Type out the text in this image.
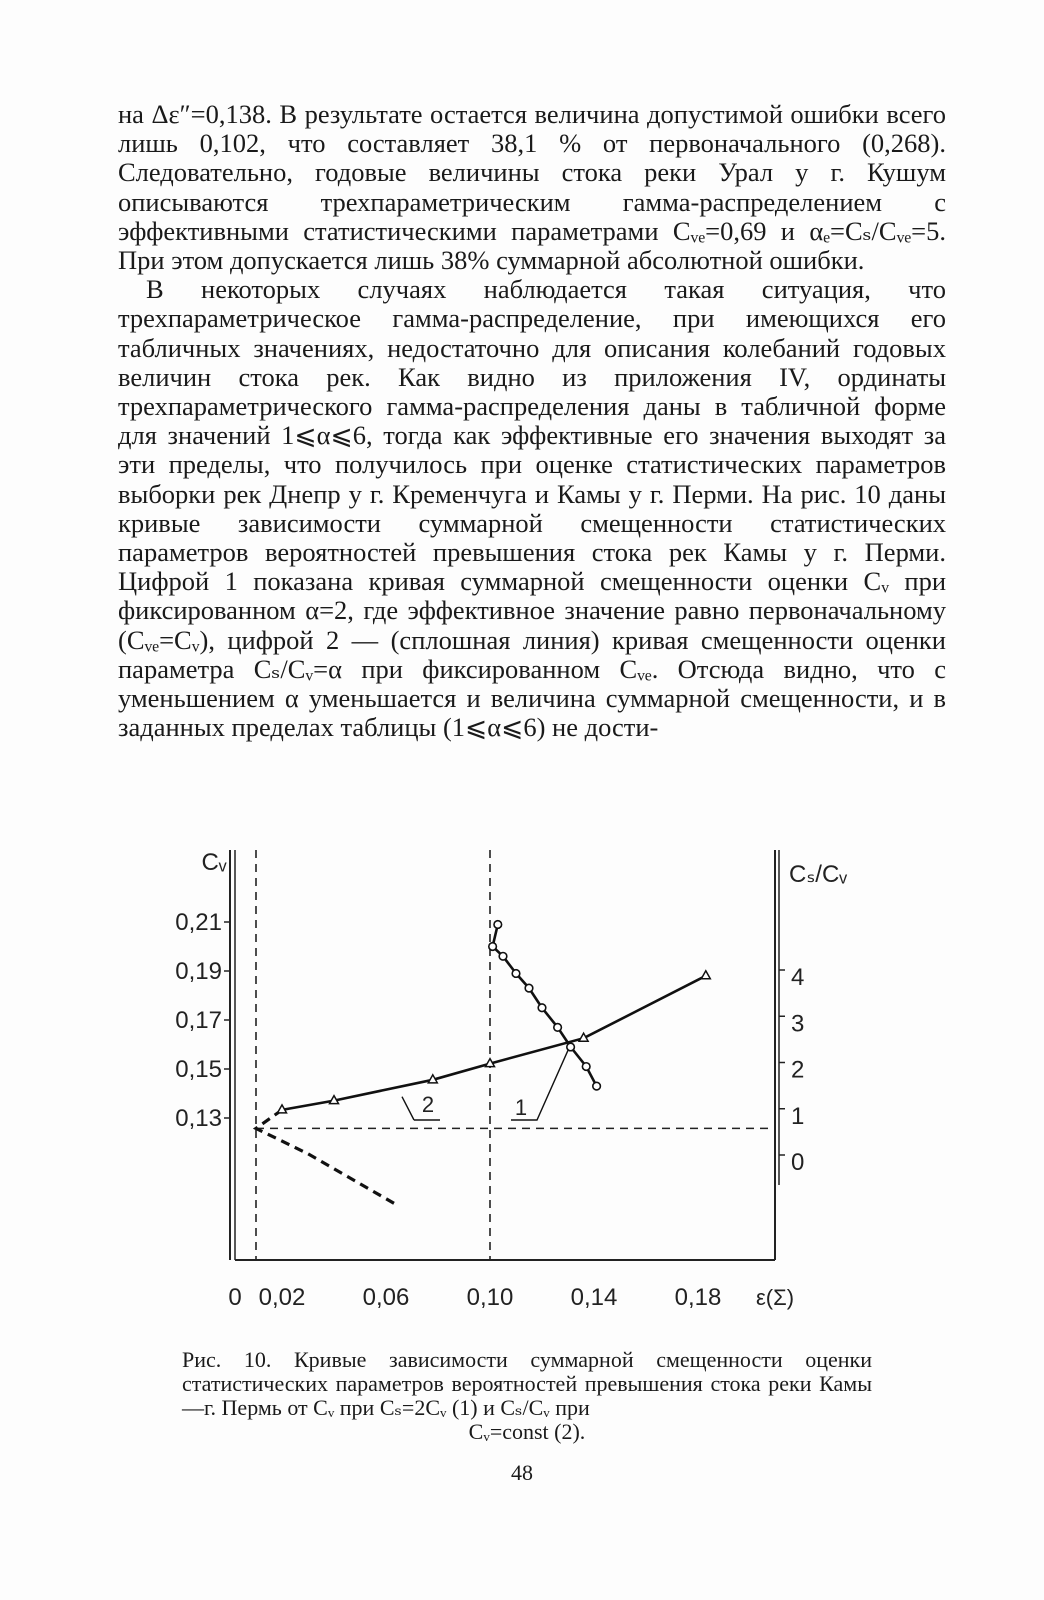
на Δε″=0,138. В результате остается величина допустимой ошибки всего лишь 0,102, что составляет 38,1 % от первоначального (0,268). Следовательно, годовые величины стока реки Урал у г. Кушум описываются трехпараметрическим гамма-распределением с эффективными статистическими параметрами Cᵥₑ=0,69 и αₑ=Cₛ/Cᵥₑ=5. При этом допускается лишь 38% суммарной абсолютной ошибки.

В некоторых случаях наблюдается такая ситуация, что трехпараметрическое гамма-распределение, при имеющихся его табличных значениях, недостаточно для описания колебаний годовых величин стока рек. Как видно из приложения IV, ординаты трехпараметрического гамма-распределения даны в табличной форме для значений 1⩽α⩽6, тогда как эффективные его значения выходят за эти пределы, что получилось при оценке статистических параметров выборки рек Днепр у г. Кременчуга и Камы у г. Перми. На рис. 10 даны кривые зависимости суммарной смещенности статистических параметров вероятностей превышения стока рек Камы у г. Перми. Цифрой 1 показана кривая суммарной смещенности оценки Cᵥ при фиксированном α=2, где эффективное значение равно первоначальному (Cᵥₑ=Cᵥ), цифрой 2 — (сплошная линия) кривая смещенности оценки параметра Cₛ/Cᵥ=α при фиксированном Cᵥₑ. Отсюда видно, что с уменьшением α уменьшается и величина суммарной смещенности, и в заданных пределах таблицы (1⩽α⩽6) не дости-

0,21
0,19
0,17
0,15
0,13
Cᵥ
4
3
2
1
0
Cₛ/Cᵥ
0 0,02 0,06 0,10 0,14 0,18 ε(Σ)
1
2
Рис. 10. Кривые зависимости суммарной смещенности оценки статистических параметров вероятностей превышения стока реки Камы—г. Пермь от Cᵥ при Cₛ=2Cᵥ (1) и Cₛ/Cᵥ при
Cᵥ=const (2).
48
